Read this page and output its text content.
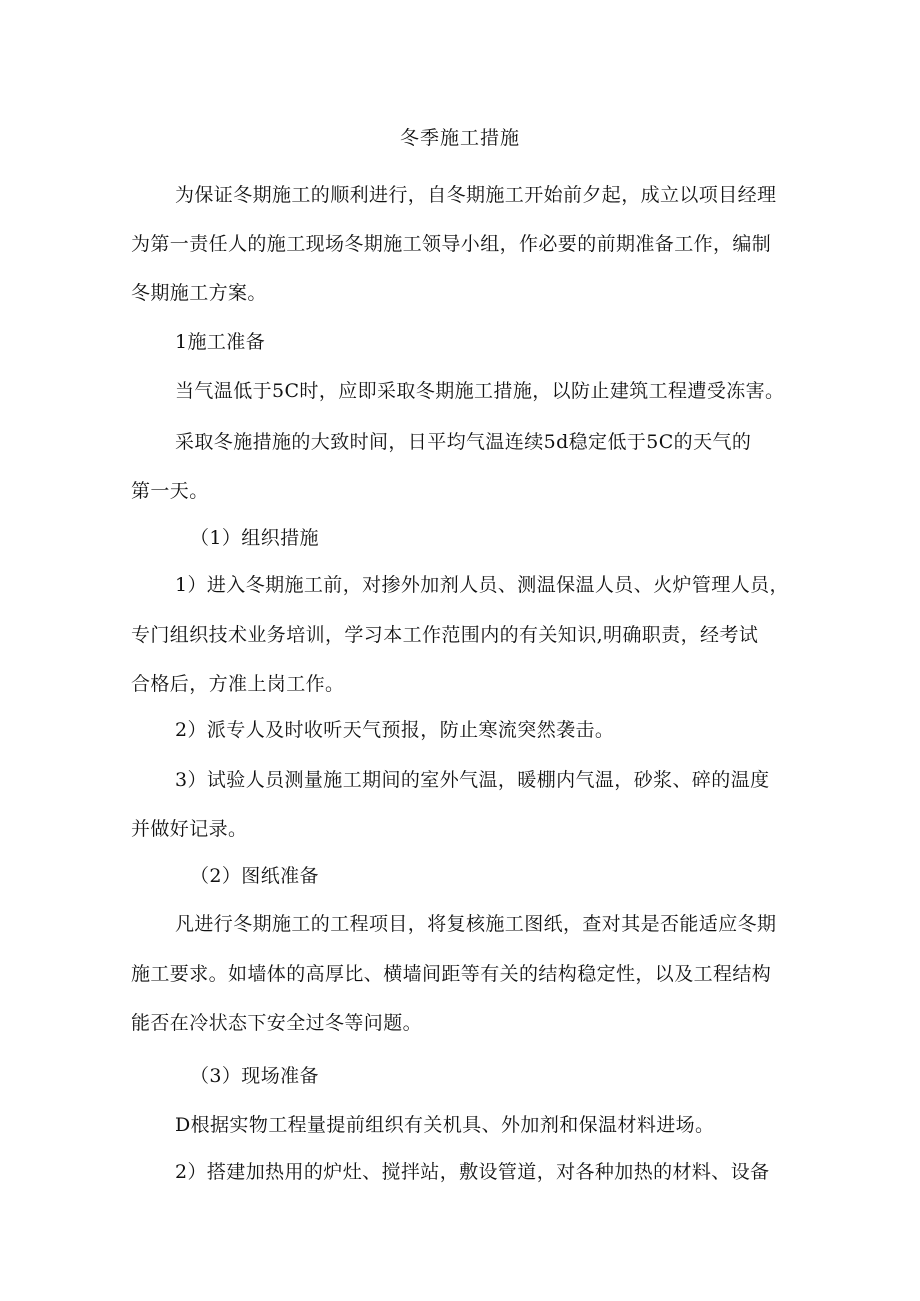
冬季施工措施
为保证冬期施工的顺利进行，自冬期施工开始前夕起，成立以项目经理
为第一责任人的施工现场冬期施工领导小组，作必要的前期准备工作，编制
冬期施工方案。
1施工准备
当气温低于5C时，应即采取冬期施工措施，以防止建筑工程遭受冻害。
采取冬施措施的大致时间，日平均气温连续5d稳定低于5C的天气的
第一天。
（1）组织措施
1）进入冬期施工前，对掺外加剂人员、测温保温人员、火炉管理人员，
专门组织技术业务培训，学习本工作范围内的有关知识,明确职责，经考试
合格后，方准上岗工作。
2）派专人及时收听天气预报，防止寒流突然袭击。
3）试验人员测量施工期间的室外气温，暖棚内气温，砂浆、碎的温度
并做好记录。
（2）图纸准备
凡进行冬期施工的工程项目，将复核施工图纸，查对其是否能适应冬期
施工要求。如墙体的高厚比、横墙间距等有关的结构稳定性，以及工程结构
能否在冷状态下安全过冬等问题。
（3）现场准备
D根据实物工程量提前组织有关机具、外加剂和保温材料进场。
2）搭建加热用的炉灶、搅拌站，敷设管道，对各种加热的材料、设备
